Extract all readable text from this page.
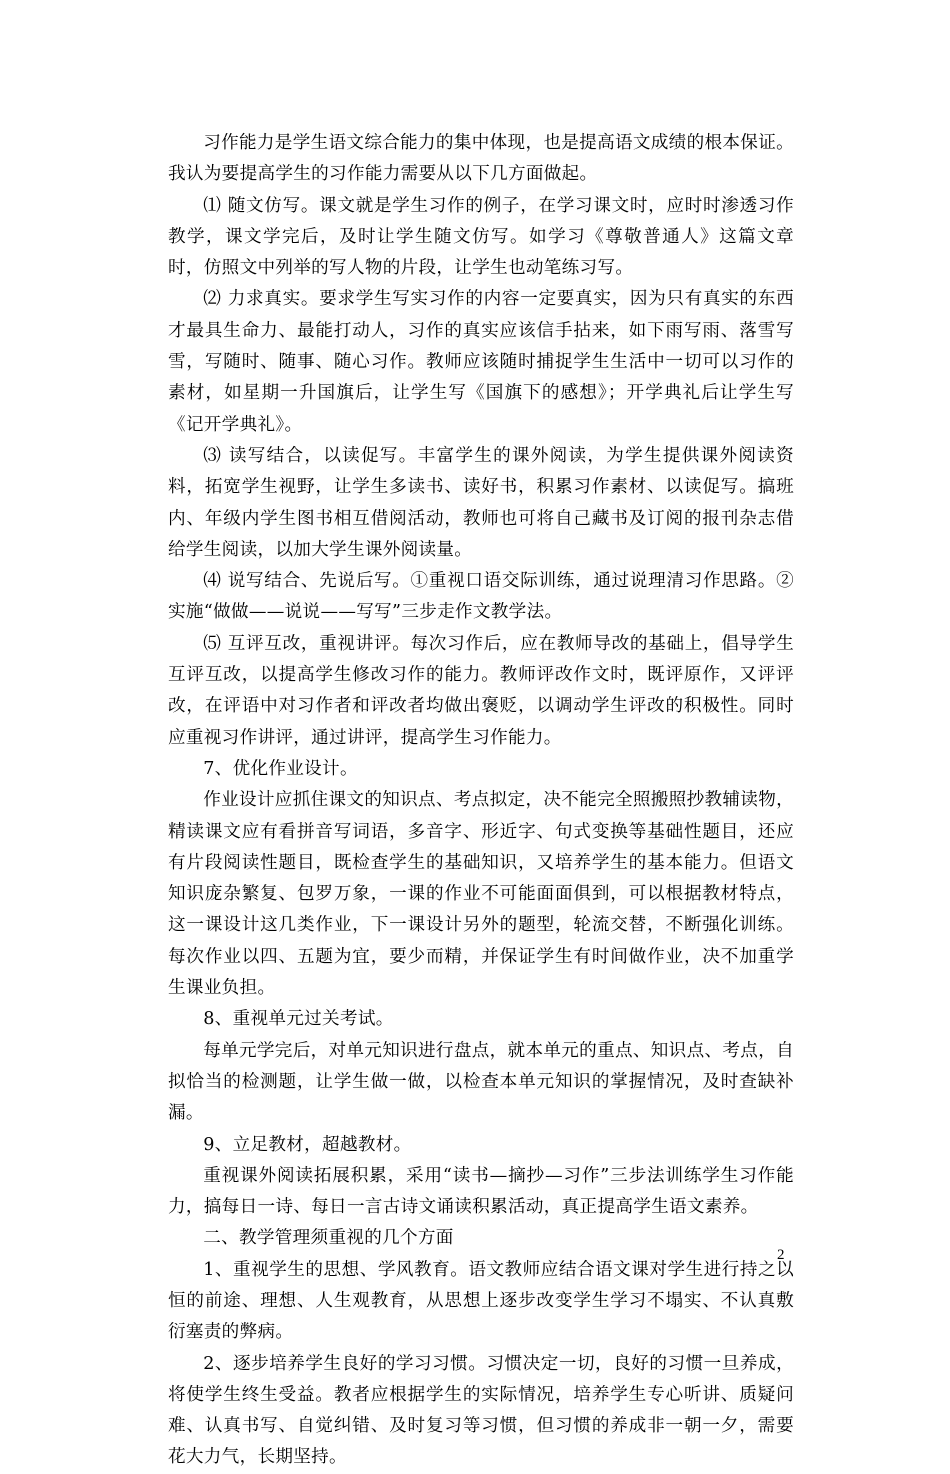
习作能力是学生语文综合能力的集中体现，也是提高语文成绩的根本保证。我认为要提高学生的习作能力需要从以下几方面做起。

⑴ 随文仿写。课文就是学生习作的例子，在学习课文时，应时时渗透习作教学，课文学完后，及时让学生随文仿写。如学习《尊敬普通人》这篇文章时，仿照文中列举的写人物的片段，让学生也动笔练习写。

⑵ 力求真实。要求学生写实习作的内容一定要真实，因为只有真实的东西才最具生命力、最能打动人，习作的真实应该信手拈来，如下雨写雨、落雪写雪，写随时、随事、随心习作。教师应该随时捕捉学生生活中一切可以习作的素材，如星期一升国旗后，让学生写《国旗下的感想》；开学典礼后让学生写《记开学典礼》。

⑶ 读写结合，以读促写。丰富学生的课外阅读，为学生提供课外阅读资料，拓宽学生视野，让学生多读书、读好书，积累习作素材、以读促写。搞班内、年级内学生图书相互借阅活动，教师也可将自己藏书及订阅的报刊杂志借给学生阅读，以加大学生课外阅读量。

⑷ 说写结合、先说后写。①重视口语交际训练，通过说理清习作思路。②实施“做做——说说——写写”三步走作文教学法。

⑸ 互评互改，重视讲评。每次习作后，应在教师导改的基础上，倡导学生互评互改，以提高学生修改习作的能力。教师评改作文时，既评原作，又评评改，在评语中对习作者和评改者均做出褒贬，以调动学生评改的积极性。同时应重视习作讲评，通过讲评，提高学生习作能力。

7、优化作业设计。

作业设计应抓住课文的知识点、考点拟定，决不能完全照搬照抄教辅读物，精读课文应有看拼音写词语，多音字、形近字、句式变换等基础性题目，还应有片段阅读性题目，既检查学生的基础知识，又培养学生的基本能力。但语文知识庞杂繁复、包罗万象，一课的作业不可能面面俱到，可以根据教材特点，这一课设计这几类作业，下一课设计另外的题型，轮流交替，不断强化训练。每次作业以四、五题为宜，要少而精，并保证学生有时间做作业，决不加重学生课业负担。

8、重视单元过关考试。

每单元学完后，对单元知识进行盘点，就本单元的重点、知识点、考点，自拟恰当的检测题，让学生做一做，以检查本单元知识的掌握情况，及时查缺补漏。

9、立足教材，超越教材。

重视课外阅读拓展积累，采用“读书—摘抄—习作”三步法训练学生习作能力，搞每日一诗、每日一言古诗文诵读积累活动，真正提高学生语文素养。

二、教学管理须重视的几个方面

1、重视学生的思想、学风教育。语文教师应结合语文课对学生进行持之以恒的前途、理想、人生观教育，从思想上逐步改变学生学习不塌实、不认真敷衍塞责的弊病。

2、逐步培养学生良好的学习习惯。习惯决定一切，良好的习惯一旦养成，将使学生终生受益。教者应根据学生的实际情况，培养学生专心听讲、质疑问难、认真书写、自觉纠错、及时复习等习惯，但习惯的养成非一朝一夕，需要花大力气，长期坚持。

2
